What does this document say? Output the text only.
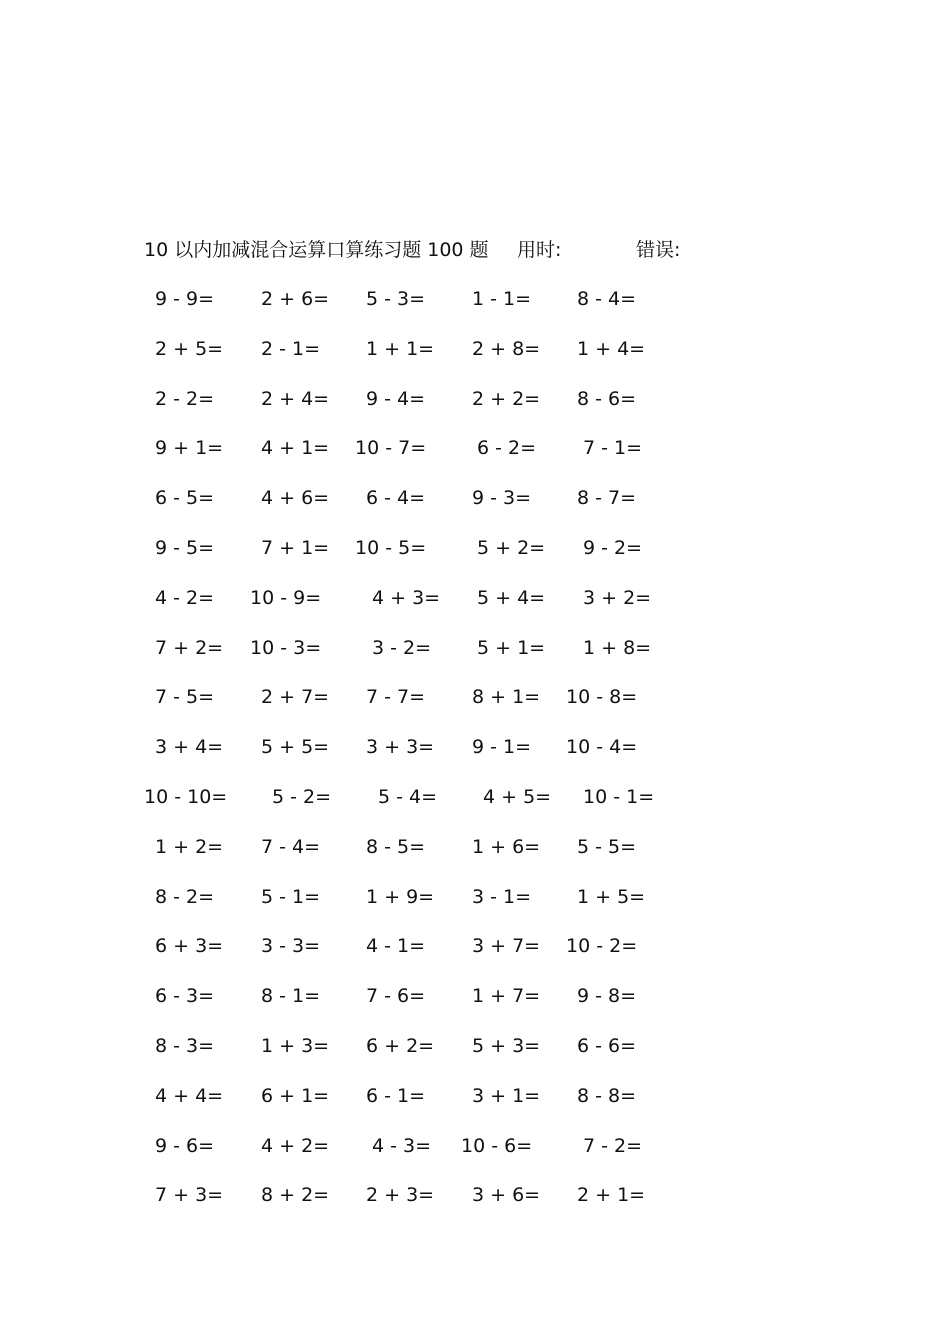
10 以内加减混合运算口算练习题 100 题 用时:	错误:
9 - 9= 2 + 6= 5 - 3= 1 - 1= 8 - 4=
2 + 5= 2 - 1= 1 + 1= 2 + 8= 1 + 4=
2 - 2= 2 + 4= 9 - 4= 2 + 2= 8 - 6=
9 + 1= 4 + 1= 10 - 7=	6 - 2= 7 - 1=
6 - 5= 4 + 6= 6 - 4= 9 - 3= 8 - 7=
9 - 5= 7 + 1= 10 - 5=	5 + 2= 9 - 2=
4 - 2= 10 - 9=	4 + 3= 5 + 4= 3 + 2=
7 + 2= 10 - 3=	3 - 2= 5 + 1= 1 + 8=
7 - 5= 2 + 7= 7 - 7= 8 + 1= 10 - 8=
3 + 4= 5 + 5= 3 + 3= 9 - 1= 10 - 4=
10 - 10= 5 - 2= 5 - 4= 4 + 5= 10 - 1=
1 + 2= 7 - 4= 8 - 5= 1 + 6= 5 - 5=
8 - 2= 5 - 1= 1 + 9= 3 - 1= 1 + 5=
6 + 3= 3 - 3= 4 - 1= 3 + 7= 10 - 2=
6 - 3= 8 - 1= 7 - 6= 1 + 7= 9 - 8=
8 - 3= 1 + 3= 6 + 2= 5 + 3= 6 - 6=
4 + 4= 6 + 1= 6 - 1= 3 + 1= 8 - 8=
9 - 6= 4 + 2= 4 - 3= 10 - 6=	7 - 2=
7 + 3= 8 + 2= 2 + 3= 3 + 6= 2 + 1=
